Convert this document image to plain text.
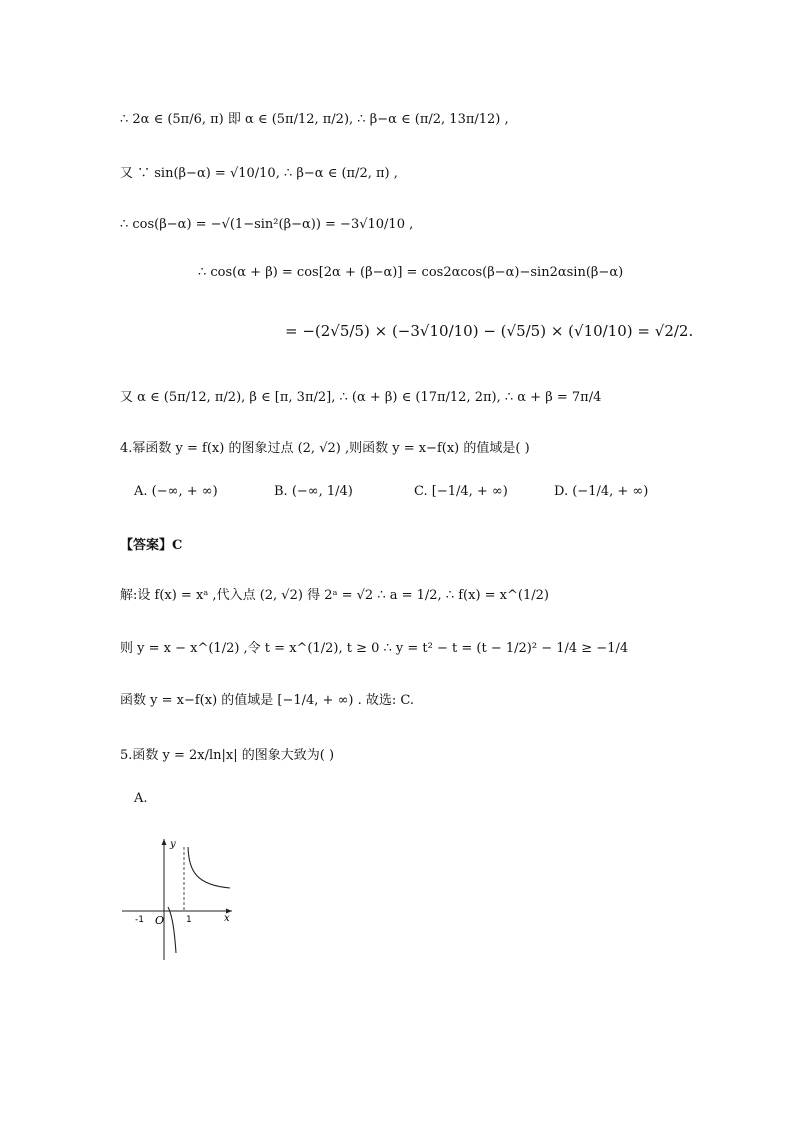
∴ 2α ∈ (5π/6, π) 即 α ∈ (5π/12, π/2), ∴ β−α ∈ (π/2, 13π/12) ,
又 ∵ sin(β−α) = √10/10, ∴ β−α ∈ (π/2, π) ,
∴ cos(β−α) = −√(1−sin²(β−α)) = −3√10/10 ,
∴ cos(α + β) = cos[2α + (β−α)] = cos2αcos(β−α)−sin2αsin(β−α)
= −(2√5/5) × (−3√10/10) − (√5/5) × (√10/10) = √2/2.
又 α ∈ (5π/12, π/2), β ∈ [π, 3π/2], ∴ (α + β) ∈ (17π/12, 2π), ∴ α + β = 7π/4
4.幂函数 y = f(x) 的图象过点 (2, √2) ,则函数 y = x−f(x) 的值域是( )
A. (−∞, + ∞)	B. (−∞, 1/4)	C. [−1/4, + ∞)	D. (−1/4, + ∞)
【答案】C
解:设 f(x) = xᵃ ,代入点 (2, √2) 得 2ᵃ = √2 ∴ a = 1/2, ∴ f(x) = x^(1/2)
则 y = x − x^(1/2) ,令 t = x^(1/2), t ≥ 0 ∴ y = t² − t = (t − 1/2)² − 1/4 ≥ −1/4
函数 y = x−f(x) 的值域是 [−1/4, + ∞) . 故选: C.
5.函数 y = 2x/ln|x| 的图象大致为( )
A.
y
x
O
-1	1
